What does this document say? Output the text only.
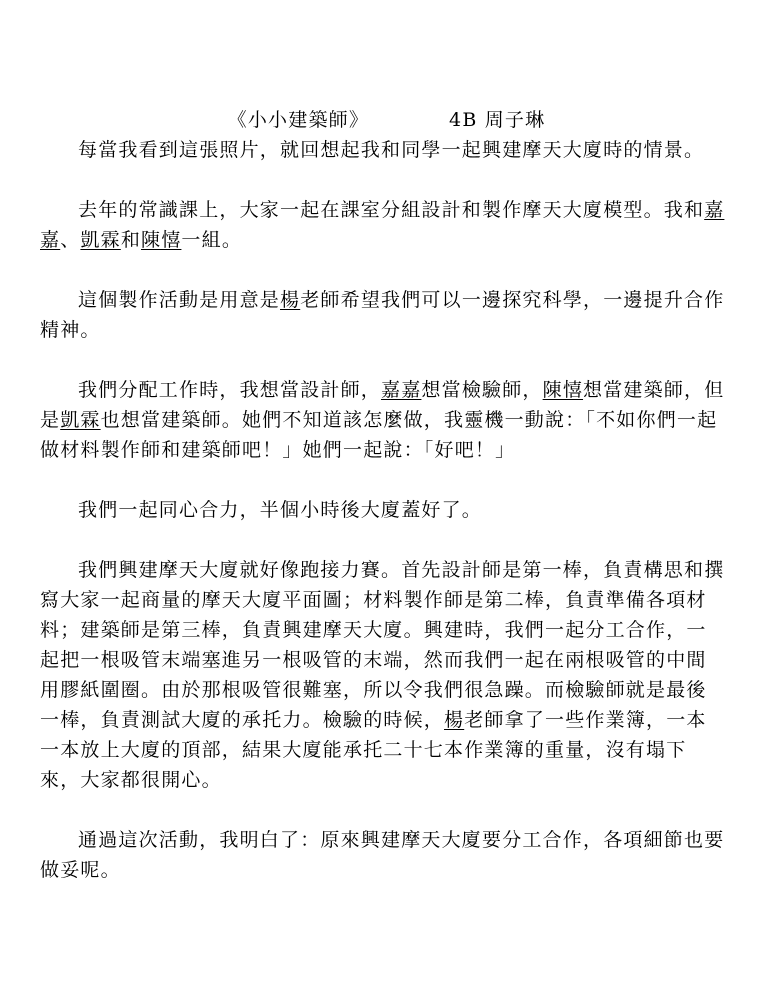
《小小建築師》	4B 周子琳

每當我看到這張照片，就回想起我和同學一起興建摩天大廈時的情景。

去年的常識課上，大家一起在課室分組設計和製作摩天大廈模型。我和嘉嘉、凱霖和陳憘一組。

這個製作活動是用意是楊老師希望我們可以一邊探究科學，一邊提升合作精神。

我們分配工作時，我想當設計師，嘉嘉想當檢驗師，陳憘想當建築師，但是凱霖也想當建築師。她們不知道該怎麼做，我靈機一動說：「不如你們一起做材料製作師和建築師吧！」她們一起說：「好吧！」

我們一起同心合力，半個小時後大廈蓋好了。

我們興建摩天大廈就好像跑接力賽。首先設計師是第一棒，負責構思和撰寫大家一起商量的摩天大廈平面圖；材料製作師是第二棒，負責準備各項材料；建築師是第三棒，負責興建摩天大廈。興建時，我們一起分工合作，一起把一根吸管末端塞進另一根吸管的末端，然而我們一起在兩根吸管的中間用膠紙圍圈。由於那根吸管很難塞，所以令我們很急躁。而檢驗師就是最後一棒，負責測試大廈的承托力。檢驗的時候，楊老師拿了一些作業簿，一本一本放上大廈的頂部，結果大廈能承托二十七本作業簿的重量，沒有塌下來，大家都很開心。

通過這次活動，我明白了：原來興建摩天大廈要分工合作，各項細節也要做妥呢。
